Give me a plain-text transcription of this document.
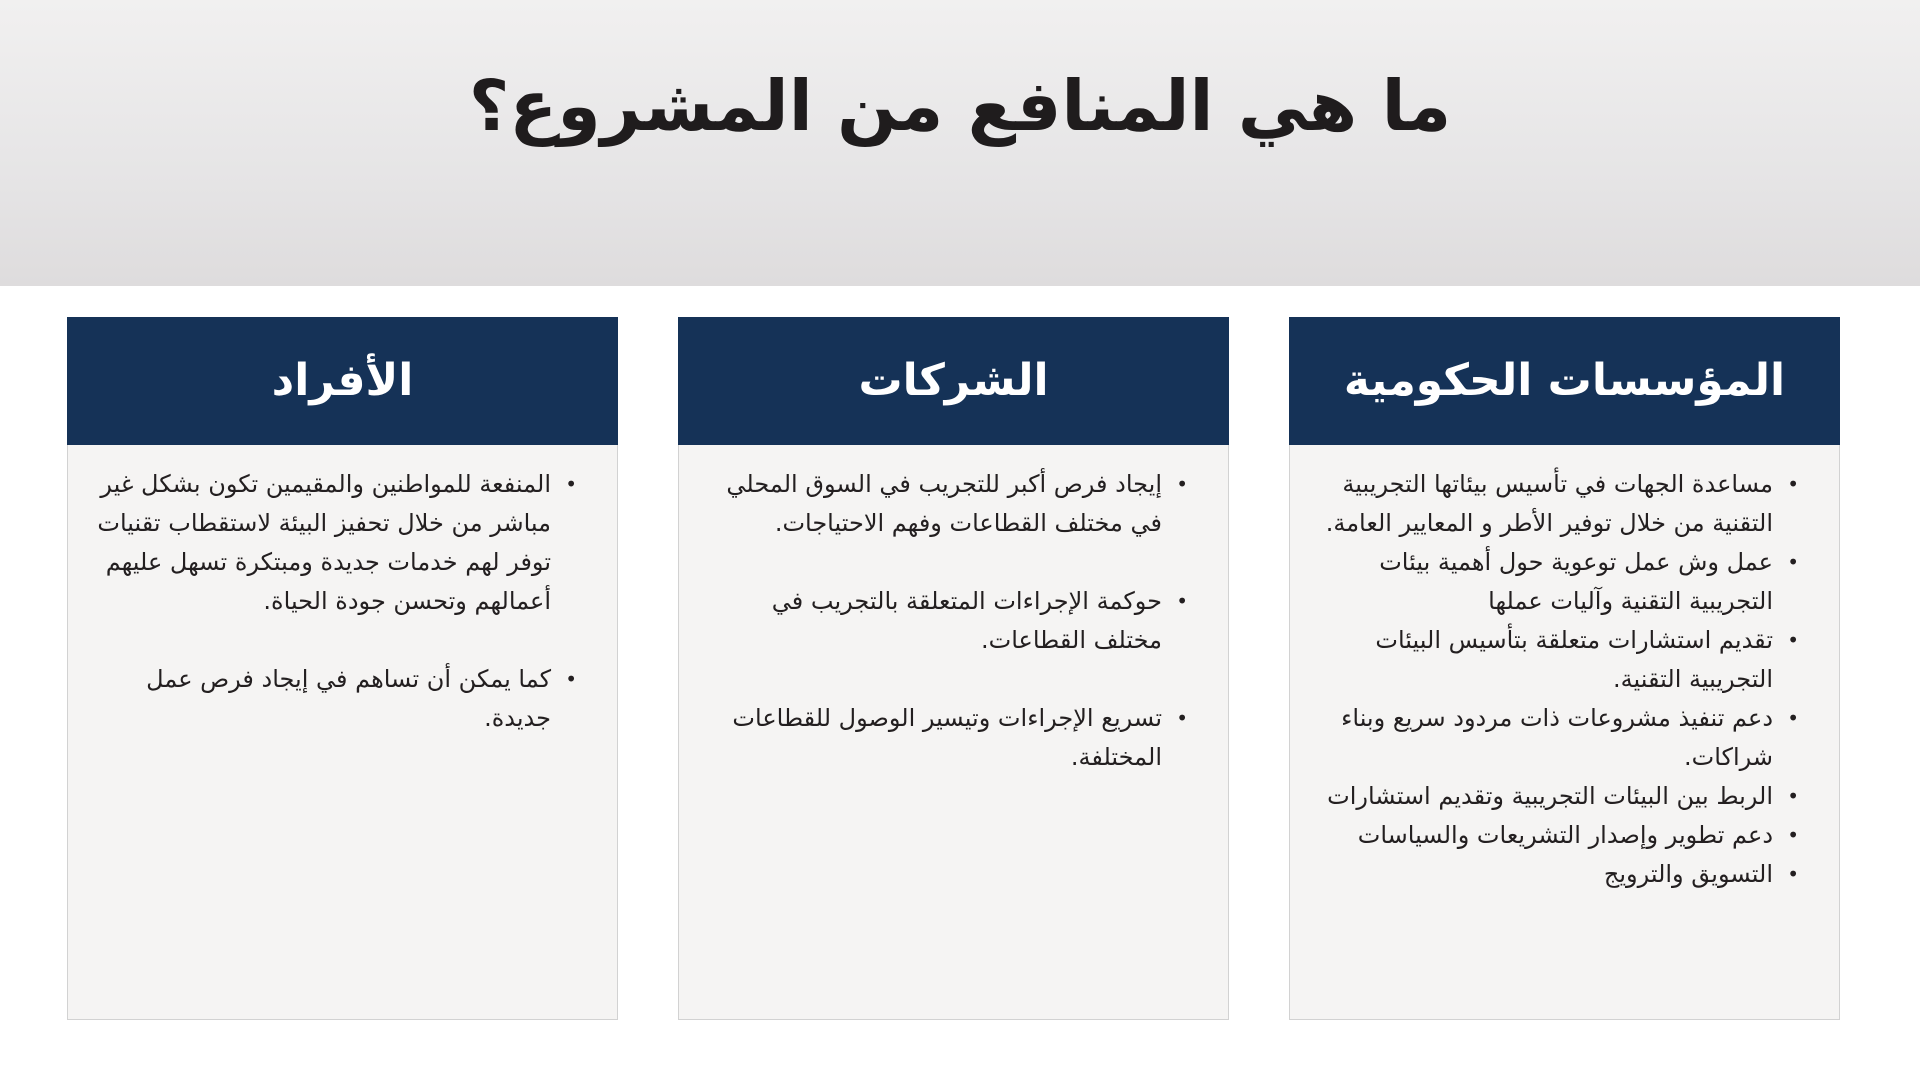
ما هي المنافع من المشروع؟
المؤسسات الحكومية
• مساعدة الجهات في تأسيس بيئاتها التجريبية التقنية من خلال توفير الأطر و المعايير العامة.
• عمل وش عمل توعوية حول أهمية بيئات التجريبية التقنية وآليات عملها
• تقديم استشارات متعلقة بتأسيس البيئات التجريبية التقنية.
• دعم تنفيذ مشروعات ذات مردود سريع وبناء شراكات.
• الربط بين البيئات التجريبية وتقديم استشارات
• دعم تطوير وإصدار التشريعات والسياسات
• التسويق والترويج
الشركات
• إيجاد فرص أكبر للتجريب في السوق المحلي في مختلف القطاعات وفهم الاحتياجات.
• حوكمة الإجراءات المتعلقة بالتجريب في مختلف القطاعات.
• تسريع الإجراءات وتيسير الوصول للقطاعات المختلفة.
الأفراد
• المنفعة للمواطنين والمقيمين تكون بشكل غير مباشر من خلال تحفيز البيئة لاستقطاب تقنيات توفر لهم خدمات جديدة ومبتكرة تسهل عليهم أعمالهم وتحسن جودة الحياة.
• كما يمكن أن تساهم في إيجاد فرص عمل جديدة.
